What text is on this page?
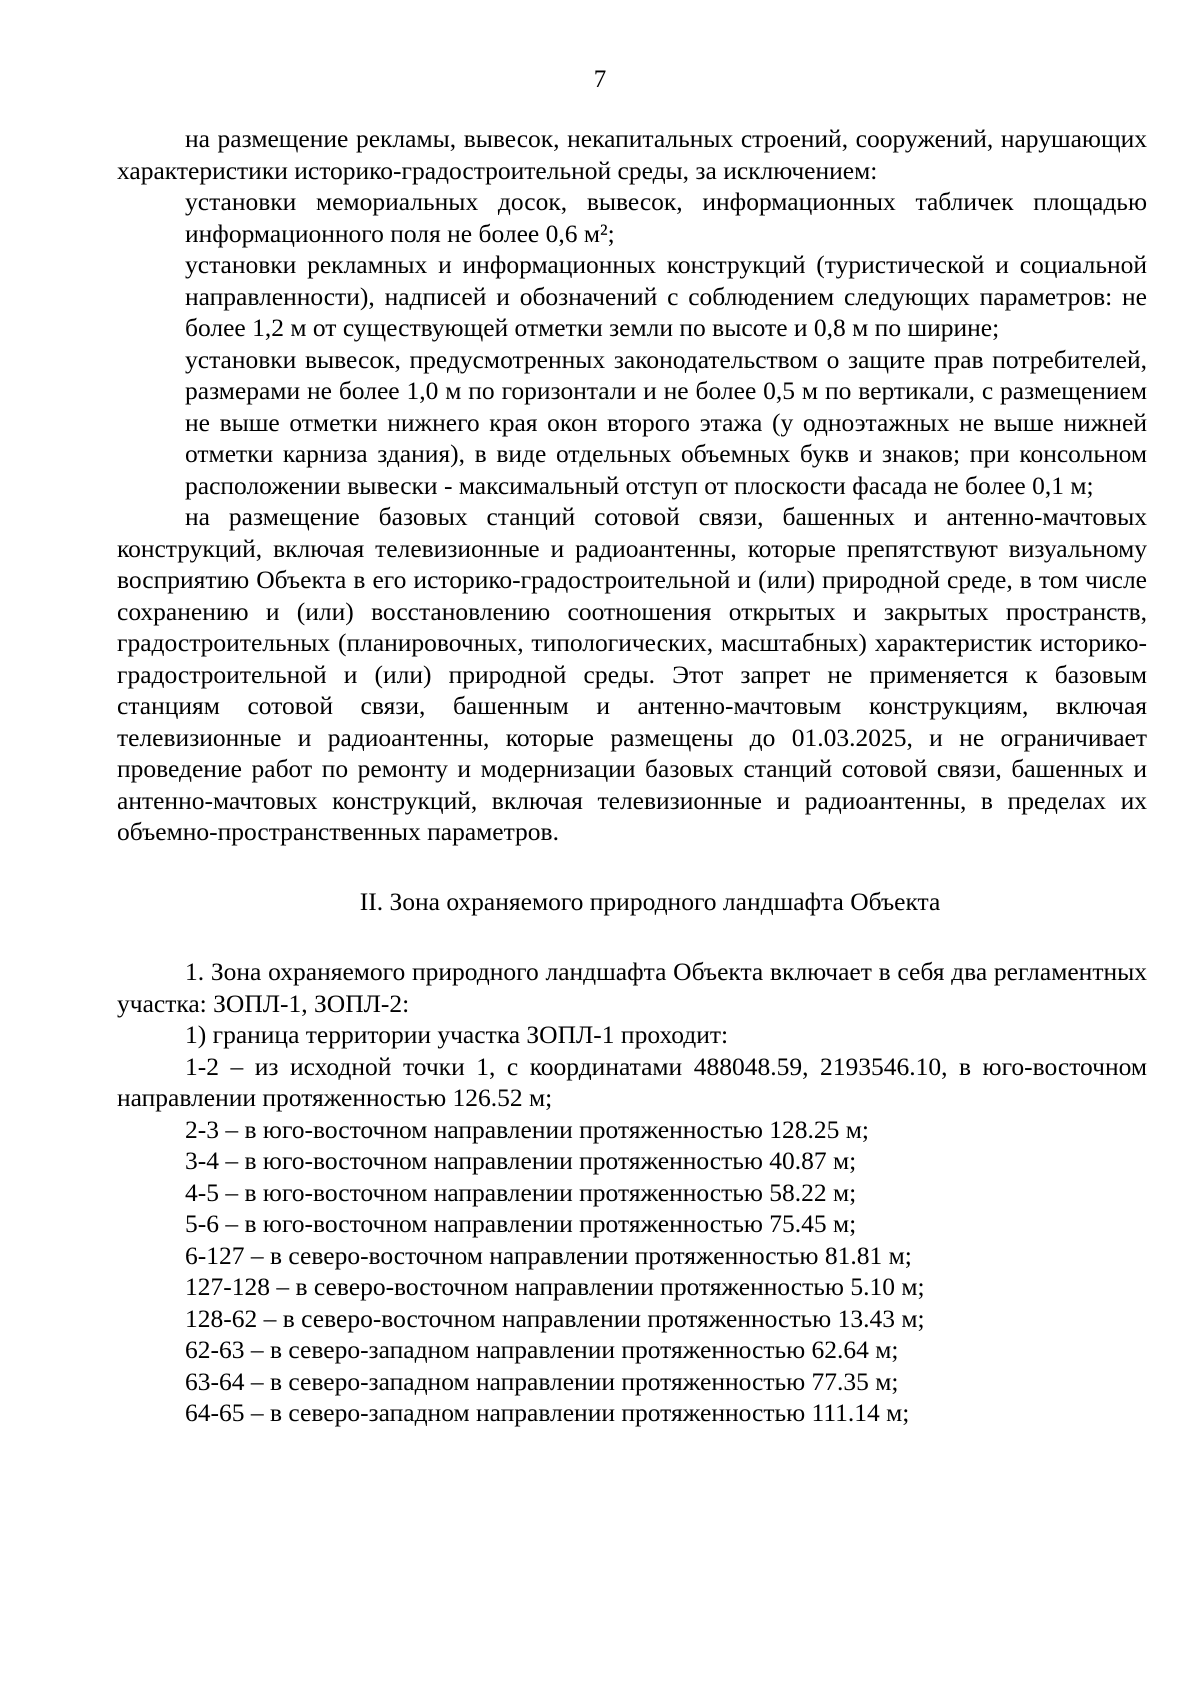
7

на размещение рекламы, вывесок, некапитальных строений, сооружений, нарушающих характеристики историко-градостроительной среды, за исключением:

установки мемориальных досок, вывесок, информационных табличек площадью информационного поля не более 0,6 м²;

установки рекламных и информационных конструкций (туристической и социальной направленности), надписей и обозначений с соблюдением следующих параметров: не более 1,2 м от существующей отметки земли по высоте и 0,8 м по ширине;

установки вывесок, предусмотренных законодательством о защите прав потребителей, размерами не более 1,0 м по горизонтали и не более 0,5 м по вертикали, с размещением не выше отметки нижнего края окон второго этажа (у одноэтажных не выше нижней отметки карниза здания), в виде отдельных объемных букв и знаков; при консольном расположении вывески - максимальный отступ от плоскости фасада не более 0,1 м;

на размещение базовых станций сотовой связи, башенных и антенно-мачтовых конструкций, включая телевизионные и радиоантенны, которые препятствуют визуальному восприятию Объекта в его историко-градостроительной и (или) природной среде, в том числе сохранению и (или) восстановлению соотношения открытых и закрытых пространств, градостроительных (планировочных, типологических, масштабных) характеристик историко-градостроительной и (или) природной среды. Этот запрет не применяется к базовым станциям сотовой связи, башенным и антенно-мачтовым конструкциям, включая телевизионные и радиоантенны, которые размещены до 01.03.2025, и не ограничивает проведение работ по ремонту и модернизации базовых станций сотовой связи, башенных и антенно-мачтовых конструкций, включая телевизионные и радиоантенны, в пределах их объемно-пространственных параметров.

II. Зона охраняемого природного ландшафта Объекта

1. Зона охраняемого природного ландшафта Объекта включает в себя два регламентных участка: ЗОПЛ-1, ЗОПЛ-2:

1) граница территории участка ЗОПЛ-1 проходит:

1-2 – из исходной точки 1, с координатами 488048.59, 2193546.10, в юго-восточном направлении протяженностью 126.52 м;

2-3 – в юго-восточном направлении протяженностью 128.25 м;

3-4 – в юго-восточном направлении протяженностью 40.87 м;

4-5 – в юго-восточном направлении протяженностью 58.22 м;

5-6 – в юго-восточном направлении протяженностью 75.45 м;

6-127 – в северо-восточном направлении протяженностью 81.81 м;

127-128 – в северо-восточном направлении протяженностью 5.10 м;

128-62 – в северо-восточном направлении протяженностью 13.43 м;

62-63 – в северо-западном направлении протяженностью 62.64 м;

63-64 – в северо-западном направлении протяженностью 77.35 м;

64-65 – в северо-западном направлении протяженностью 111.14 м;
